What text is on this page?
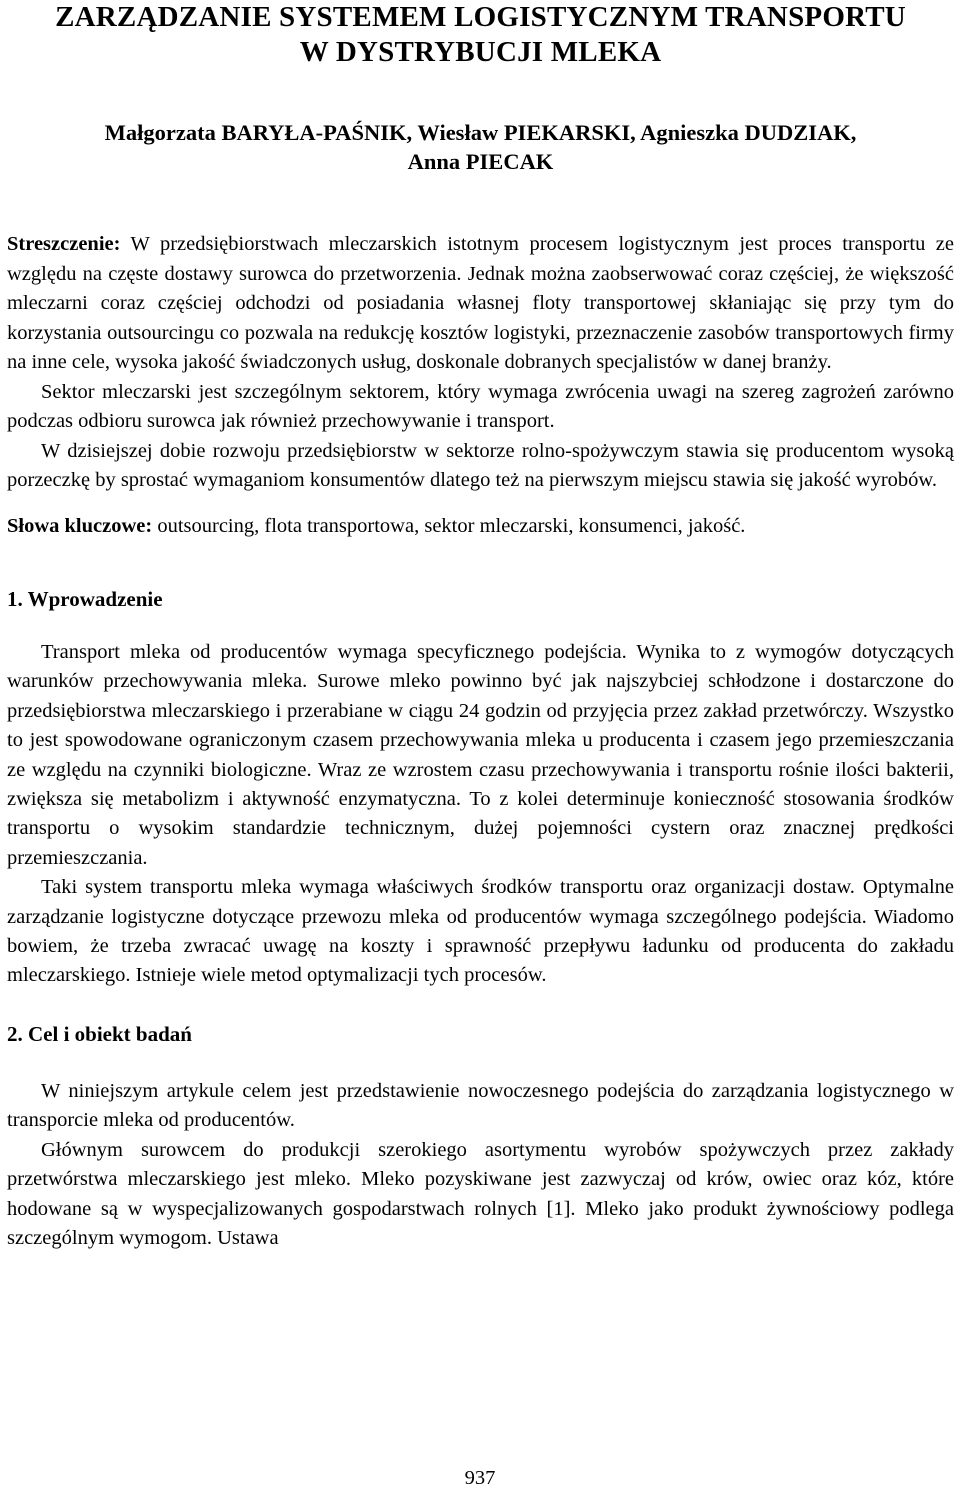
ZARZĄDZANIE SYSTEMEM LOGISTYCZNYM TRANSPORTU
W DYSTRYBUCJI MLEKA
Małgorzata BARYŁA-PAŚNIK, Wiesław PIEKARSKI, Agnieszka DUDZIAK,
Anna PIECAK

Streszczenie: W przedsiębiorstwach mleczarskich istotnym procesem logistycznym jest proces transportu ze względu na częste dostawy surowca do przetworzenia. Jednak można zaobserwować coraz częściej, że większość mleczarni coraz częściej odchodzi od posiadania własnej floty transportowej skłaniając się przy tym do korzystania outsourcingu co pozwala na redukcję kosztów logistyki, przeznaczenie zasobów transportowych firmy na inne cele, wysoka jakość świadczonych usług, doskonale dobranych specjalistów w danej branży.

Sektor mleczarski jest szczególnym sektorem, który wymaga zwrócenia uwagi na szereg zagrożeń zarówno podczas odbioru surowca jak również przechowywanie i transport.

W dzisiejszej dobie rozwoju przedsiębiorstw w sektorze rolno-spożywczym stawia się producentom wysoką porzeczkę by sprostać wymaganiom konsumentów dlatego też na pierwszym miejscu stawia się jakość wyrobów.

Słowa kluczowe: outsourcing, flota transportowa, sektor mleczarski, konsumenci, jakość.
1. Wprowadzenie

Transport mleka od producentów wymaga specyficznego podejścia. Wynika to z wymogów dotyczących warunków przechowywania mleka. Surowe mleko powinno być jak najszybciej schłodzone i dostarczone do przedsiębiorstwa mleczarskiego i przerabiane w ciągu 24 godzin od przyjęcia przez zakład przetwórczy. Wszystko to jest spowodowane ograniczonym czasem przechowywania mleka u producenta i czasem jego przemieszczania ze względu na czynniki biologiczne. Wraz ze wzrostem czasu przechowywania i transportu rośnie ilości bakterii, zwiększa się metabolizm i aktywność enzymatyczna. To z kolei determinuje konieczność stosowania środków transportu o wysokim standardzie technicznym, dużej pojemności cystern oraz znacznej prędkości przemieszczania.

Taki system transportu mleka wymaga właściwych środków transportu oraz organizacji dostaw. Optymalne zarządzanie logistyczne dotyczące przewozu mleka od producentów wymaga szczególnego podejścia. Wiadomo bowiem, że trzeba zwracać uwagę na koszty i sprawność przepływu ładunku od producenta do zakładu mleczarskiego. Istnieje wiele metod optymalizacji tych procesów.

2. Cel i obiekt badań

W niniejszym artykule celem jest przedstawienie nowoczesnego podejścia do zarządzania logistycznego w transporcie mleka od producentów.

Głównym surowcem do produkcji szerokiego asortymentu wyrobów spożywczych przez zakłady przetwórstwa mleczarskiego jest mleko. Mleko pozyskiwane jest zazwyczaj od krów, owiec oraz kóz, które hodowane są w wyspecjalizowanych gospodarstwach rolnych [1]. Mleko jako produkt żywnościowy podlega szczególnym wymogom. Ustawa

937
